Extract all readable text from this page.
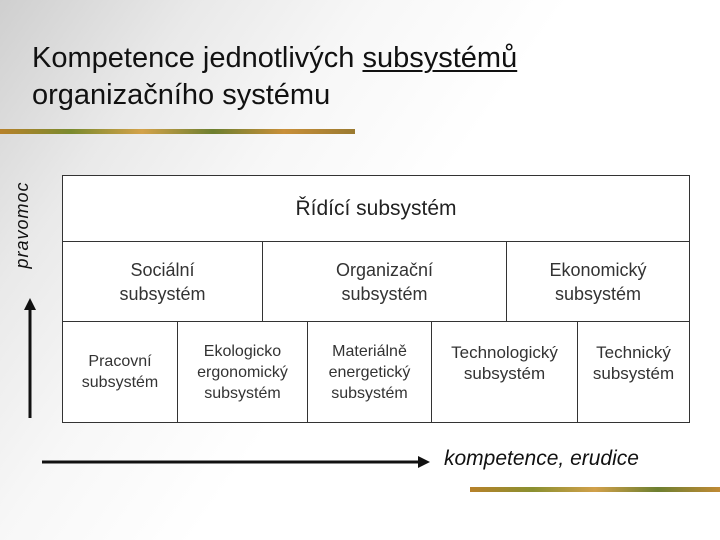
Kompetence jednotlivých subsystémů
organizačního systému
pravomoc
kompetence, erudice
Řídící subsystém
Sociální
subsystém
Organizační
subsystém
Ekonomický
subsystém
Pracovní
subsystém
Ekologicko
ergonomický
subsystém
Materiálně
energetický
subsystém
Technologický
subsystém
Technický
subsystém
